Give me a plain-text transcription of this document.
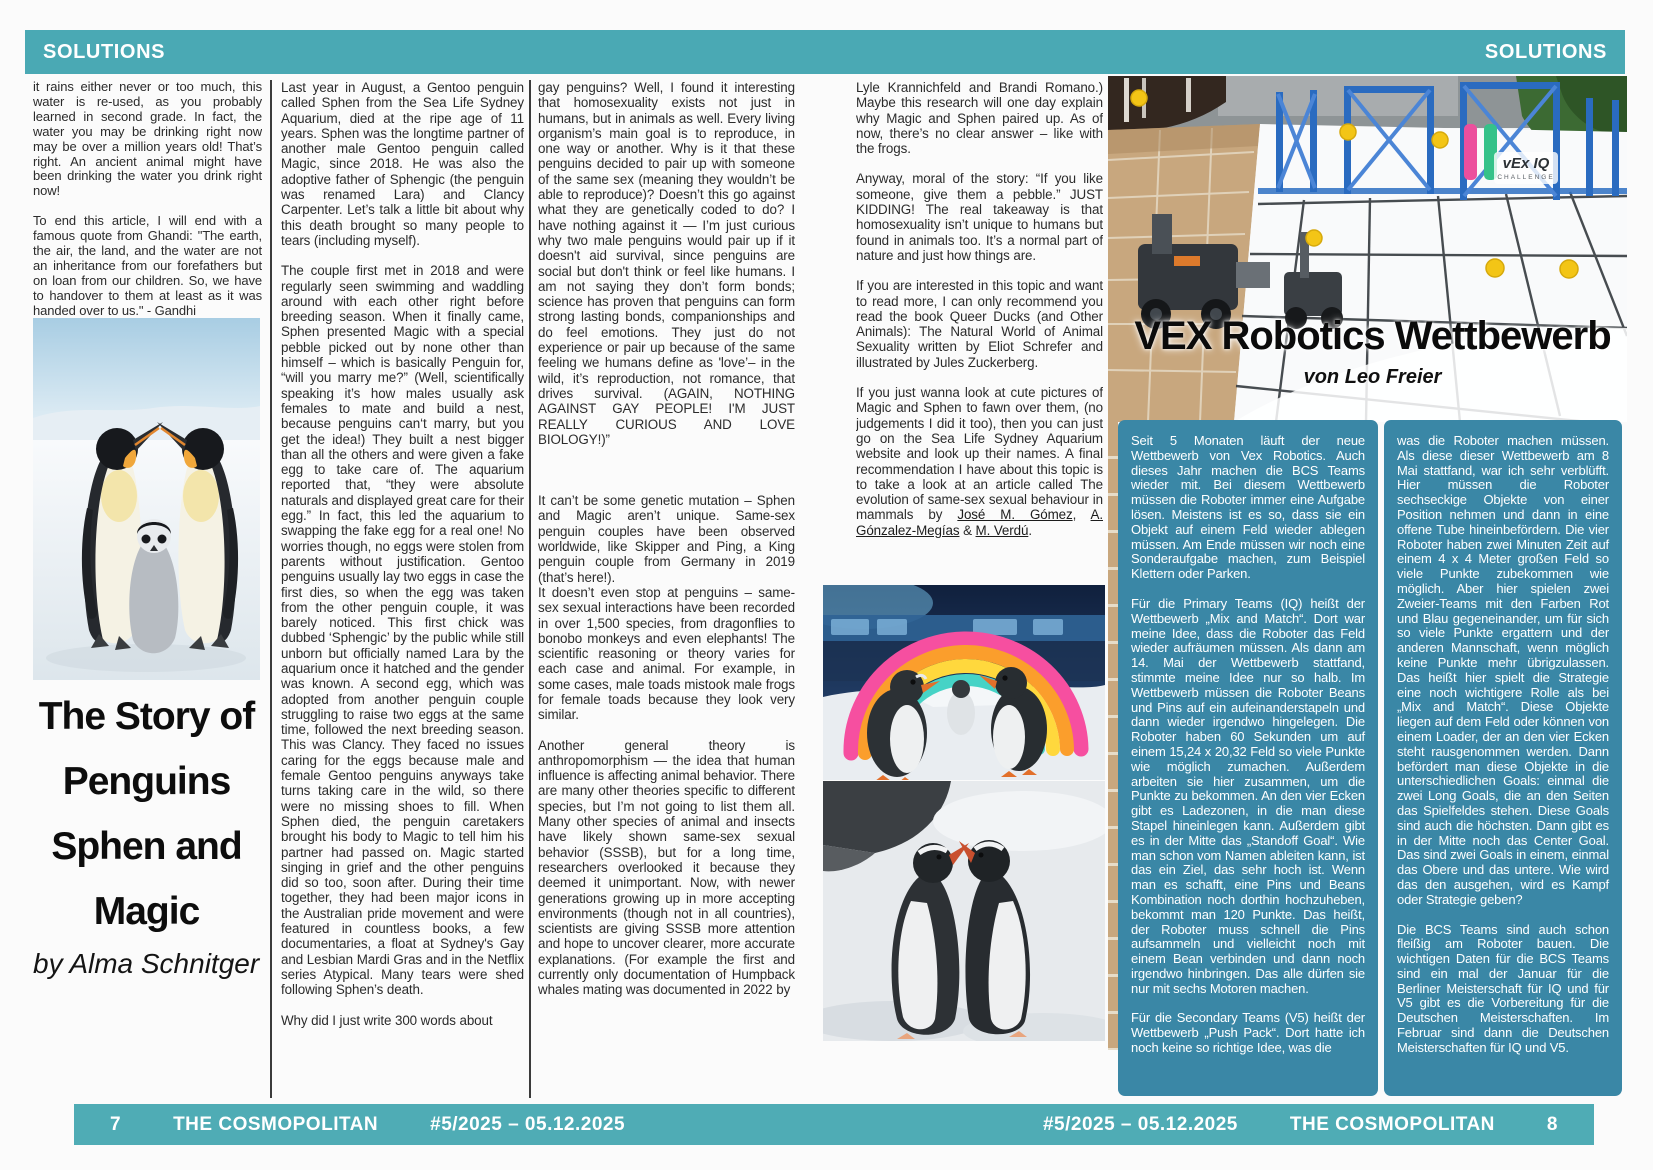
SOLUTIONS	SOLUTIONS

it rains either never or too much, this water is re-used, as you probably learned in second grade. In fact, the water you may be drinking right now may be over a million years old! That’s right. An ancient animal might have been drinking the water you drink right now!

To end this article, I will end with a famous quote from Ghandi: "The earth, the air, the land, and the water are not an inheritance from our forefathers but on loan from our children. So, we have to handover to them at least as it was handed over to us." - Gandhi

The Story of Penguins Sphen and Magic
by Alma Schnitger

Last year in August, a Gentoo penguin called Sphen from the Sea Life Sydney Aquarium, died at the ripe age of 11 years. Sphen was the longtime partner of another male Gentoo penguin called Magic, since 2018. He was also the adoptive father of Sphengic (the penguin was renamed Lara) and Clancy Carpenter. Let’s talk a little bit about why this death brought so many people to tears (including myself).

The couple first met in 2018 and were regularly seen swimming and waddling around with each other right before breeding season. When it finally came, Sphen presented Magic with a special pebble picked out by none other than himself – which is basically Penguin for, “will you marry me?” (Well, scientifically speaking it’s how males usually ask females to mate and build a nest, because penguins can‘t marry, but you get the idea!) They built a nest bigger than all the others and were given a fake egg to take care of. The aquarium reported that, “they were absolute naturals and displayed great care for their egg.” In fact, this led the aquarium to swapping the fake egg for a real one! No worries though, no eggs were stolen from parents without justification. Gentoo penguins usually lay two eggs in case the first dies, so when the egg was taken from the other penguin couple, it was barely noticed. This first chick was dubbed ‘Sphengic’ by the public while still unborn but officially named Lara by the aquarium once it hatched and the gender was known. A second egg, which was adopted from another penguin couple struggling to raise two eggs at the same time, followed the next breeding season. This was Clancy. They faced no issues caring for the eggs because male and female Gentoo penguins anyways take turns taking care in the wild, so there were no missing shoes to fill. When Sphen died, the penguin caretakers brought his body to Magic to tell him his partner had passed on. Magic started singing in grief and the other penguins did so too, soon after. During their time together, they had been major icons in the Australian pride movement and were featured in countless books, a few documentaries, a float at Sydney's Gay and Lesbian Mardi Gras and in the Netflix series Atypical. Many tears were shed following Sphen’s death.

Why did I just write 300 words about

gay penguins? Well, I found it interesting that homosexuality exists not just in humans, but in animals as well. Every living organism’s main goal is to reproduce, in one way or another. Why is it that these penguins decided to pair up with someone of the same sex (meaning they wouldn’t be able to reproduce)? Doesn’t this go against what they are genetically coded to do? I have nothing against it — I’m just curious why two male penguins would pair up if it doesn't aid survival, since penguins are social but don't think or feel like humans. I am not saying they don’t form bonds; science has proven that penguins can form strong lasting bonds, companionships and do feel emotions. They just do not experience or pair up because of the same feeling we humans define as 'love’– in the wild, it’s reproduction, not romance, that drives survival. (AGAIN, NOTHING AGAINST GAY PEOPLE! I'M JUST REALLY CURIOUS AND LOVE BIOLOGY!)”

It can’t be some genetic mutation – Sphen and Magic aren’t unique. Same-sex penguin couples have been observed worldwide, like Skipper and Ping, a King penguin couple from Germany in 2019 (that’s here!).

It doesn’t even stop at penguins – same-sex sexual interactions have been recorded in over 1,500 species, from dragonflies to bonobo monkeys and even elephants! The scientific reasoning or theory varies for each case and animal. For example, in some cases, male toads mistook male frogs for female toads because they look very similar.

Another general theory is anthropomorphism — the idea that human influence is affecting animal behavior. There are many other theories specific to different species, but I’m not going to list them all. Many other species of animal and insects have likely shown same-sex sexual behavior (SSSB), but for a long time, researchers overlooked it because they deemed it unimportant. Now, with newer generations growing up in more accepting environments (though not in all countries), scientists are giving SSSB more attention and hope to uncover clearer, more accurate explanations. (For example the first and currently only documentation of Humpback whales mating was documented in 2022 by

Lyle Krannichfeld and Brandi Romano.) Maybe this research will one day explain why Magic and Sphen paired up. As of now, there’s no clear answer – like with the frogs.

Anyway, moral of the story: “If you like someone, give them a pebble.” JUST KIDDING! The real takeaway is that homosexuality isn’t unique to humans but found in animals too. It’s a normal part of nature and just how things are.

If you are interested in this topic and want to read more, I can only recommend you read the book Queer Ducks (and Other Animals): The Natural World of Animal Sexuality written by Eliot Schrefer and illustrated by Jules Zuckerberg.

If you just wanna look at cute pictures of Magic and Sphen to fawn over them, (no judgements I did it too), then you can just go on the Sea Life Sydney Aquarium website and look up their names. A final recommendation I have about this topic is to take a look at an article called The evolution of same-sex sexual behaviour in mammals by José M. Gómez, A. Gónzalez-Megías & M. Verdú.

vEx IQ
CHALLENGE
VEX Robotics Wettbewerb
von Leo Freier

Seit 5 Monaten läuft der neue Wettbewerb von Vex Robotics. Auch dieses Jahr machen die BCS Teams wieder mit. Bei diesem Wettbewerb müssen die Roboter immer eine Aufgabe lösen. Meistens ist es so, dass sie ein Objekt auf einem Feld wieder ablegen müssen. Am Ende müssen wir noch eine Sonderaufgabe machen, zum Beispiel Klettern oder Parken.

Für die Primary Teams (IQ) heißt der Wettbewerb „Mix and Match“. Dort war meine Idee, dass die Roboter das Feld wieder aufräumen müssen. Als dann am 14. Mai der Wettbewerb stattfand, stimmte meine Idee nur so halb. Im Wettbewerb müssen die Roboter Beans und Pins auf ein aufeinanderstapeln und dann wieder irgendwo hingelegen. Die Roboter haben 60 Sekunden um auf einem 15,24 x 20,32 Feld so viele Punkte wie möglich zumachen. Außerdem arbeiten sie hier zusammen, um die Punkte zu bekommen. An den vier Ecken gibt es Ladezonen, in die man diese Stapel hineinlegen kann. Außerdem gibt es in der Mitte das „Standoff Goal“. Wie man schon vom Namen ableiten kann, ist das ein Ziel, das sehr hoch ist. Wenn man es schafft, eine Pins und Beans Kombination noch dorthin hochzuheben, bekommt man 120 Punkte. Das heißt, der Roboter muss schnell die Pins aufsammeln und vielleicht noch mit einem Bean verbinden und dann noch irgendwo hinbringen. Das alle dürfen sie nur mit sechs Motoren machen.

Für die Secondary Teams (V5) heißt der Wettbewerb „Push Pack“. Dort hatte ich noch keine so richtige Idee, was die

was die Roboter machen müssen. Als diese dieser Wettbewerb am 8 Mai stattfand, war ich sehr verblüfft. Hier müssen die Roboter sechseckige Objekte von einer Position nehmen und dann in eine offene Tube hineinbefördern. Die vier Roboter haben zwei Minuten Zeit auf einem 4 x 4 Meter großen Feld so viele Punkte zubekommen wie möglich. Aber hier spielen zwei Zweier-Teams mit den Farben Rot und Blau gegeneinander, um für sich so viele Punkte ergattern und der anderen Mannschaft, wenn möglich keine Punkte mehr übrigzulassen. Das heißt hier spielt die Strategie eine noch wichtigere Rolle als bei „Mix and Match“. Diese Objekte liegen auf dem Feld oder können von einem Loader, der an den vier Ecken steht rausgenommen werden. Dann befördert man diese Objekte in die unterschiedlichen Goals: einmal die zwei Long Goals, die an den Seiten das Spielfeldes stehen. Diese Goals sind auch die höchsten. Dann gibt es in der Mitte noch das Center Goal. Das sind zwei Goals in einem, einmal das Obere und das untere. Wie wird das den ausgehen, wird es Kampf oder Strategie geben?

Die BCS Teams sind auch schon fleißig am Roboter bauen. Die wichtigen Daten für die BCS Teams sind ein mal der Januar für die Berliner Meisterschaft für IQ und für V5 gibt es die Vorbereitung für die Deutschen Meisterschaften. Im Februar sind dann die Deutschen Meisterschaften für IQ und V5.

7	THE COSMOPOLITAN	#5/2025 – 05.12.2025	#5/2025 – 05.12.2025	THE COSMOPOLITAN	8
